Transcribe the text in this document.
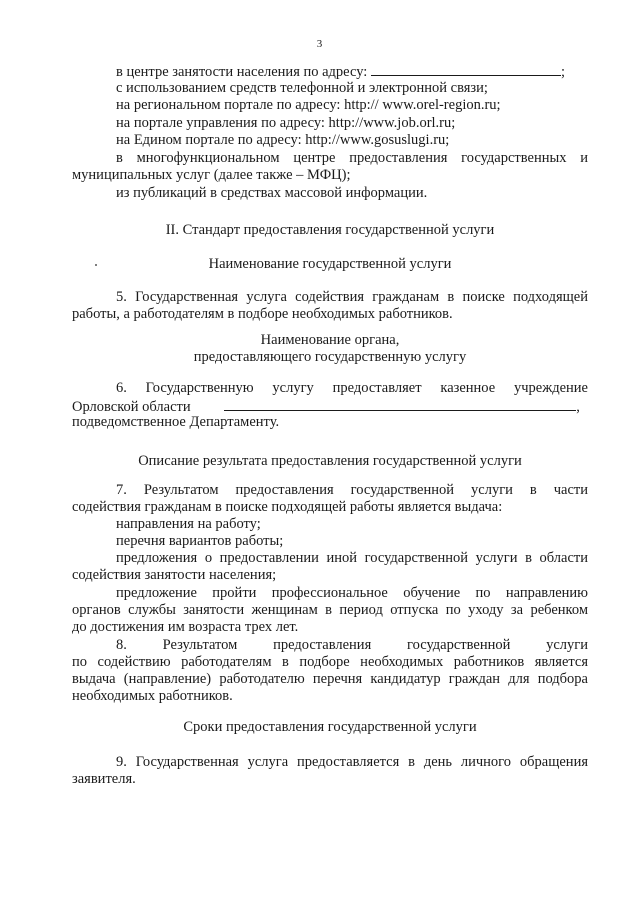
3
в центре занятости населения по адресу:	;
с использованием средств телефонной и электронной связи;
на региональном портале по адресу: http:// www.orel-region.ru;
на портале управления по адресу: http://www.job.orl.ru;
на Едином портале по адресу: http://www.gosuslugi.ru;
в многофункциональном центре предоставления государственных и
муниципальных услуг (далее также – МФЦ);
из публикаций в средствах массовой информации.
II. Стандарт предоставления государственной услуги
Наименование государственной услуги
5. Государственная услуга содействия гражданам в поиске подходящей
работы, а работодателям в подборе необходимых работников.
Наименование органа,
предоставляющего государственную услугу
6. Государственную услугу предоставляет казенное учреждение
Орловской области	,
подведомственное Департаменту.
Описание результата предоставления государственной услуги
7. Результатом предоставления государственной услуги в части
содействия гражданам в поиске подходящей работы является выдача:
направления на работу;
перечня вариантов работы;
предложения о предоставлении иной государственной услуги в области
содействия занятости населения;
предложение пройти профессиональное обучение по направлению
органов службы занятости женщинам в период отпуска по уходу за ребенком
до достижения им возраста трех лет.
8. Результатом предоставления государственной услуги
по содействию работодателям в подборе необходимых работников является
выдача (направление) работодателю перечня кандидатур граждан для подбора
необходимых работников.
Сроки предоставления государственной услуги
9. Государственная услуга предоставляется в день личного обращения
заявителя.
